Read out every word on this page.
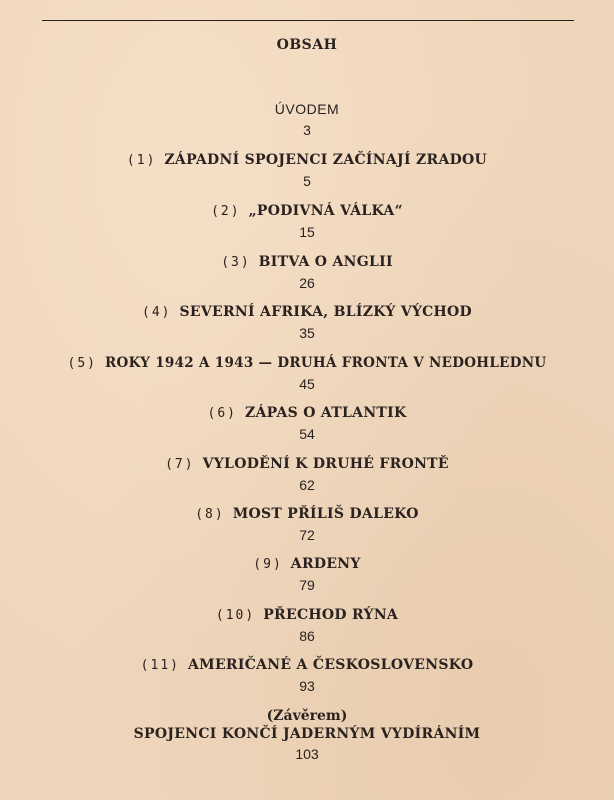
OBSAH
ÚVODEM
3
(1) ZÁPADNÍ SPOJENCI ZAČÍNAJÍ ZRADOU
5
(2) „PODIVNÁ VÁLKA“
15
(3) BITVA O ANGLII
26
(4) SEVERNÍ AFRIKA, BLÍZKÝ VÝCHOD
35
(5) ROKY 1942 A 1943 — DRUHÁ FRONTA V NEDOHLEDNU
45
(6) ZÁPAS O ATLANTIK
54
(7) VYLODĚNÍ K DRUHÉ FRONTĚ
62
(8) MOST PŘÍLIŠ DALEKO
72
(9) ARDENY
79
(10) PŘECHOD RÝNA
86
(11) AMERIČANÉ A ČESKOSLOVENSKO
93
(Závěrem)
SPOJENCI KONČÍ JADERNÝM VYDÍRÁNÍM
103
